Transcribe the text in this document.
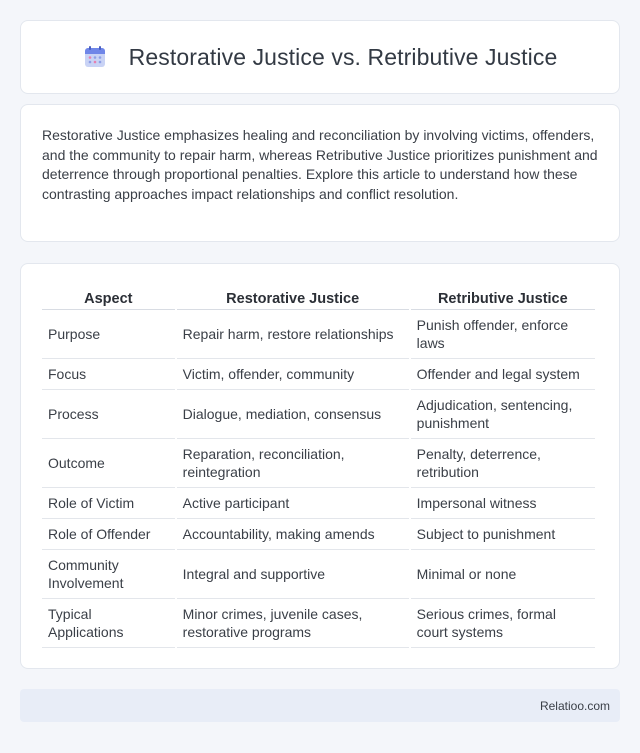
Restorative Justice vs. Retributive Justice

Restorative Justice emphasizes healing and reconciliation by involving victims, offenders, and the community to repair harm, whereas Retributive Justice prioritizes punishment and deterrence through proportional penalties. Explore this article to understand how these contrasting approaches impact relationships and conflict resolution.

Aspect	Restorative Justice	Retributive Justice
Purpose	Repair harm, restore relationships	Punish offender, enforce laws
Focus	Victim, offender, community	Offender and legal system
Process	Dialogue, mediation, consensus	Adjudication, sentencing, punishment
Outcome	Reparation, reconciliation, reintegration	Penalty, deterrence, retribution
Role of Victim	Active participant	Impersonal witness
Role of Offender	Accountability, making amends	Subject to punishment
Community Involvement	Integral and supportive	Minimal or none
Typical Applications	Minor crimes, juvenile cases, restorative programs	Serious crimes, formal court systems
Relatioo.com
